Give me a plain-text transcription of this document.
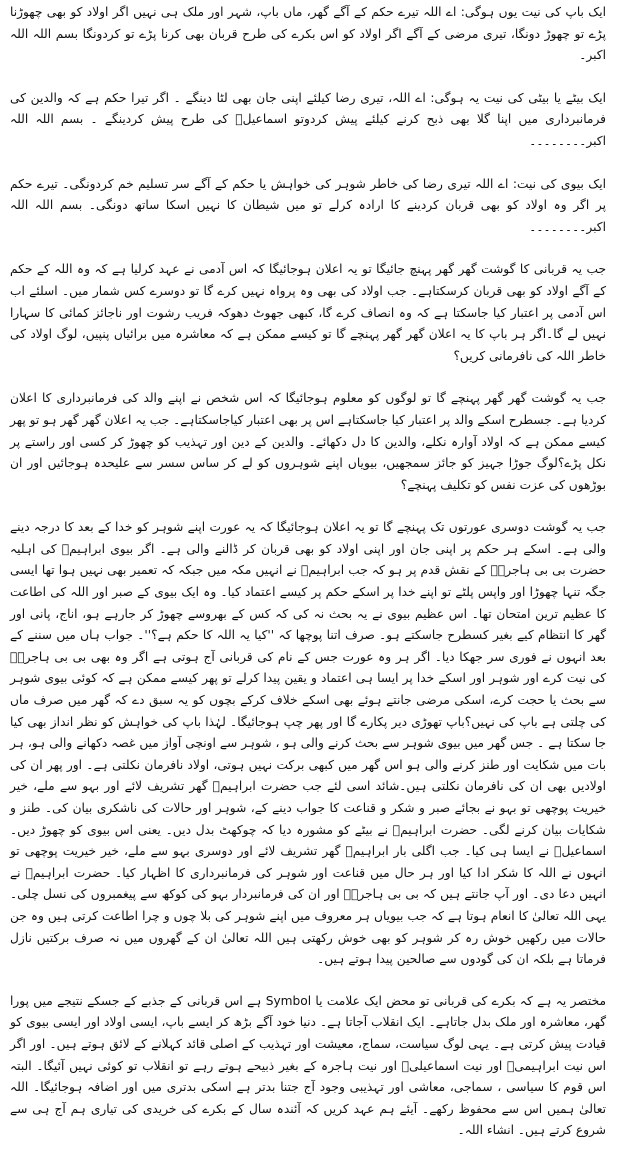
ایک باپ کی نیت یوں ہوگی: اے اللہ تیرے حکم کے آگے گھر، ماں باپ، شہر اور ملک ہی نہیں اگر اولاد کو بھی چھوڑنا پڑے تو چھوڑ دونگا، تیری مرضی کے آگے اگر اولاد کو اس بکرے کی طرح قربان بھی کرنا پڑے تو کردونگا بسم اللہ اللہ اکبر۔

ایک بیٹے یا بیٹی کی نیت یہ ہوگی: اے اللہ، تیری رضا کیلئے اپنی جان بھی لٹا دینگے ۔ اگر تیرا حکم ہے کہ والدین کی فرمانبرداری میں اپنا گلا بھی ذبح کرنے کیلئے پیش کردوتو اسماعیلؑ کی طرح پیش کردینگے ۔ بسم اللہ اللہ اکبر۔۔۔۔۔۔۔۔

ایک بیوی کی نیت: اے اللہ تیری رضا کی خاطر شوہر کی خواہش یا حکم کے آگے سر تسلیم خم کردونگی۔ تیرے حکم پر اگر وہ اولاد کو بھی قربان کردینے کا ارادہ کرلے تو میں شیطان کا نہیں اسکا ساتھ دونگی۔ بسم اللہ اللہ اکبر۔۔۔۔۔۔۔۔

جب یہ قربانی کا گوشت گھر گھر پہنچ جائیگا تو یہ اعلان ہوجائیگا کہ اس آدمی نے عہد کرلیا ہے کہ وہ اللہ کے حکم کے آگے اولاد کو بھی قربان کرسکتاہے۔ جب اولاد کی بھی وہ پرواہ نہیں کرے گا تو دوسرے کس شمار میں۔ اسلئے اب اس آدمی پر اعتبار کیا جاسکتا ہے کہ وہ انصاف کرے گا، کبھی جھوٹ دھوکہ فریب رشوت اور ناجائز کمائی کا سہارا نہیں لے گا۔اگر ہر باپ کا یہ اعلان گھر گھر پہنچے گا تو کیسے ممکن ہے کہ معاشرہ میں برائیاں پنپیں، لوگ اولاد کی خاطر اللہ کی نافرمانی کریں؟

جب یہ گوشت گھر گھر پہنچے گا تو لوگوں کو معلوم ہوجائیگا کہ اس شخص نے اپنے والد کی فرمانبرداری کا اعلان کردیا ہے۔ جسطرح اسکے والد پر اعتبار کیا جاسکتاہے اس پر بھی اعتبار کیاجاسکتاہے۔ جب یہ اعلان گھر گھر ہو تو پھر کیسے ممکن ہے کہ اولاد آوارہ نکلے، والدین کا دل دکھائے۔ والدین کے دین اور تہذیب کو چھوڑ کر کسی اور راستے پر نکل پڑے؟لوگ جوڑا جہیز کو جائز سمجھیں، بیویاں اپنے شوہروں کو لے کر ساس سسر سے علیحدہ ہوجائیں اور ان بوڑھوں کی عزت نفس کو تکلیف پہنچے؟

جب یہ گوشت دوسری عورتوں تک پہنچے گا تو یہ اعلان ہوجائیگا کہ یہ عورت اپنے شوہر کو خدا کے بعد کا درجہ دینے والی ہے۔ اسکے ہر حکم پر اپنی جان اور اپنی اولاد کو بھی قربان کر ڈالنے والی ہے۔ اگر بیوی ابراہیمؑ کی اہلیہ حضرت بی بی ہاجرہؑ کے نقش قدم پر ہو کہ جب ابراہیمؑ نے انہیں مکہ میں جبکہ کہ تعمیر بھی نہیں ہوا تھا ایسی جگہ تنہا چھوڑا اور واپس پلٹے تو اپنے خدا پر اسکے حکم پر کیسے اعتماد کیا۔ وہ ایک بیوی کے صبر اور اللہ کی اطاعت کا عظیم ترین امتحان تھا۔ اس عظیم بیوی نے یہ بحث نہ کی کہ کس کے بھروسے چھوڑ کر جارہے ہو، اناج، پانی اور گھر کا انتظام کیے بغیر کسطرح جاسکتے ہو۔ صرف اتنا پوچھا کہ ''کیا یہ اللہ کا حکم ہے؟''۔ جواب ہاں میں سننے کے بعد انہوں نے فوری سر جھکا دیا۔ اگر ہر وہ عورت جس کے نام کی قربانی آج ہوتی ہے اگر وہ بھی بی بی ہاجرہؑ کی نیت کرے اور شوہر اور اسکے خدا پر ایسا ہی اعتماد و یقین پیدا کرلے تو پھر کیسے ممکن ہے کہ کوئی بیوی شوہر سے بحث یا حجت کرے، اسکی مرضی جانتے ہوئے بھی اسکے خلاف کرکے بچوں کو یہ سبق دے کہ گھر میں صرف ماں کی چلتی ہے باپ کی نہیں؟باپ تھوڑی دیر پکارے گا اور پھر چپ ہوجائیگا۔ لہٰذا باپ کی خواہش کو نظر انداز بھی کیا جا سکتا ہے ۔ جس گھر میں بیوی شوہر سے بحث کرنے والی ہو ، شوہر سے اونچی آواز میں غصہ دکھانے والی ہو، ہر بات میں شکایت اور طنز کرنے والی ہو اس گھر میں کبھی برکت نہیں ہوتی، اولاد نافرمان نکلتی ہے۔ اور پھر ان کی اولادیں بھی ان کی نافرمان نکلتی ہیں۔شائد اسی لئے جب حضرت ابراہیمؑ گھر تشریف لائے اور بہو سے ملے، خیر خیریت پوچھی تو بہو نے بجائے صبر و شکر و قناعت کا جواب دینے کے، شوہر اور حالات کی ناشکری بیان کی۔ طنز و شکایات بیان کرنے لگی۔ حضرت ابراہیمؑ نے بیٹے کو مشورہ دیا کہ چوکھٹ بدل دیں۔ یعنی اس بیوی کو چھوڑ دیں۔ اسماعیلؑ نے ایسا ہی کیا۔ جب اگلی بار ابراہیمؑ گھر تشریف لائے اور دوسری بہو سے ملے، خیر خیریت پوچھی تو انہوں نے اللہ کا شکر ادا کیا اور ہر حال میں قناعت اور شوہر کی فرمانبرداری کا اظہار کیا۔ حضرت ابراہیمؑ نے انہیں دعا دی۔ اور آپ جانتے ہیں کہ بی بی ہاجرہؑ اور ان کی فرمانبردار بہو کی کوکھ سے پیغمبروں کی نسل چلی۔ یہی اللہ تعالیٰ کا انعام ہوتا ہے کہ جب بیویاں ہر معروف میں اپنے شوہر کی بلا چوں و چرا اطاعت کرتی ہیں وہ جن حالات میں رکھیں خوش رہ کر شوہر کو بھی خوش رکھتی ہیں اللہ تعالیٰ ان کے گھروں میں نہ صرف برکتیں نازل فرماتا ہے بلکہ ان کی گودوں سے صالحین پیدا ہوتے ہیں۔

مختصر یہ ہے کہ بکرے کی قربانی تو محض ایک علامت یا Symbol ہے اس قربانی کے جذبے کے جسکے نتیجے میں پورا گھر، معاشرہ اور ملک بدل جاتاہے۔ ایک انقلاب آجاتا ہے۔ دنیا خود آگے بڑھ کر ایسے باپ، ایسی اولاد اور ایسی بیوی کو قیادت پیش کرتی ہے۔ یہی لوگ سیاست، سماج، معیشت اور تہذیب کے اصلی قائد کہلانے کے لائق ہوتے ہیں۔ اور اگر اس نیت ابراہیمیؑ اور نیت اسماعیلیؑ اور نیت ہاجرہ کے بغیر ذبیحے ہوتے رہے تو انقلاب تو کوئی نہیں آئیگا۔ البتہ اس قوم کا سیاسی ، سماجی، معاشی اور تہذیبی وجود آج جتنا بدتر ہے اسکی بدتری میں اور اضافہ ہوجائیگا۔ اللہ تعالیٰ ہمیں اس سے محفوظ رکھے۔ آیئے ہم عہد کریں کہ آئندہ سال کے بکرے کی خریدی کی تیاری ہم آج ہی سے شروع کرتے ہیں۔ انشاء اللہ۔
